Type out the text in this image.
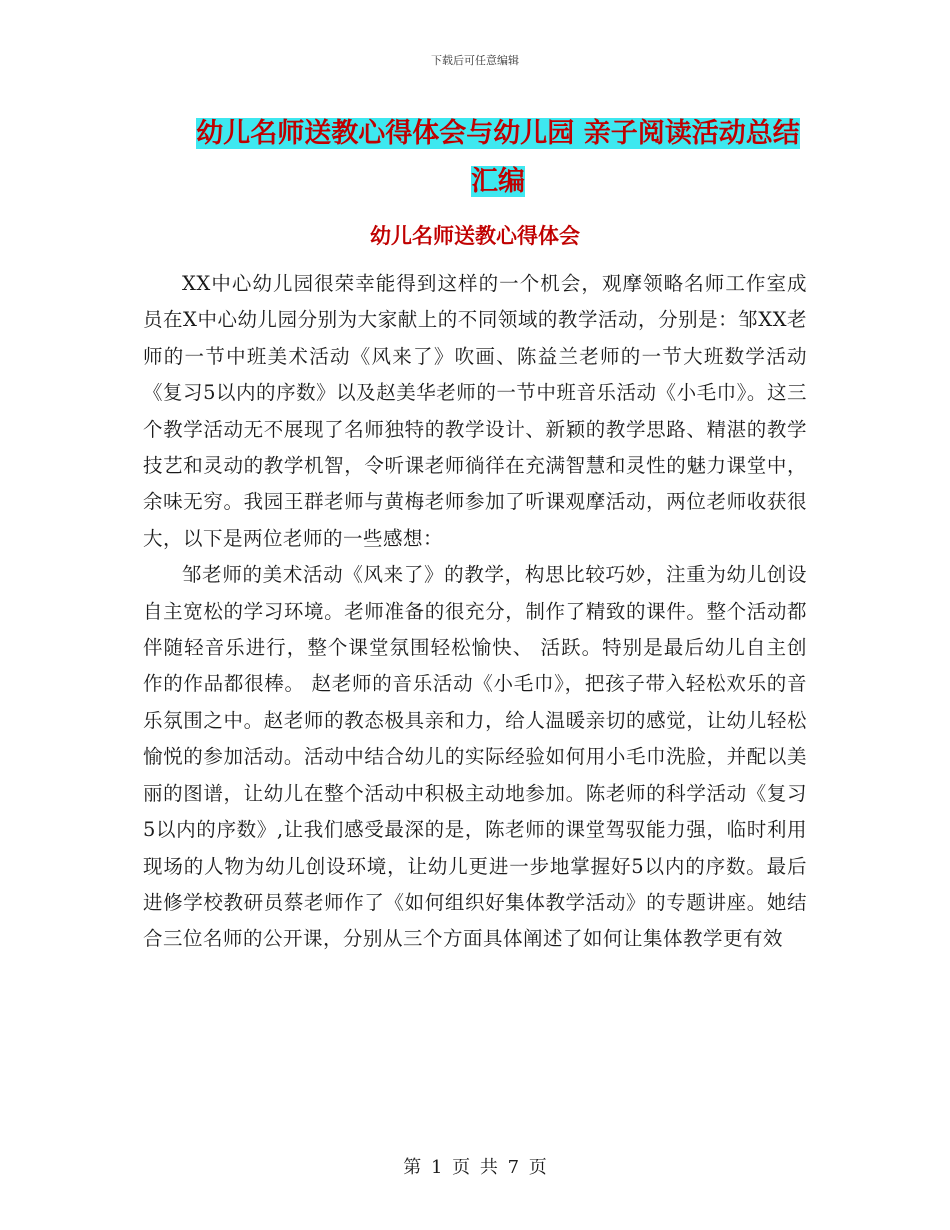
下载后可任意编辑
幼儿名师送教心得体会与幼儿园 亲子阅读活动总结汇编
幼儿名师送教心得体会

XX中心幼儿园很荣幸能得到这样的一个机会，观摩领略名师工作室成员在X中心幼儿园分别为大家献上的不同领域的教学活动，分别是：邹XX老师的一节中班美术活动《风来了》吹画、陈益兰老师的一节大班数学活动《复习5以内的序数》以及赵美华老师的一节中班音乐活动《小毛巾》。这三个教学活动无不展现了名师独特的教学设计、新颖的教学思路、精湛的教学技艺和灵动的教学机智，令听课老师徜徉在充满智慧和灵性的魅力课堂中，余味无穷。我园王群老师与黄梅老师参加了听课观摩活动，两位老师收获很大，以下是两位老师的一些感想：

邹老师的美术活动《风来了》的教学，构思比较巧妙，注重为幼儿创设自主宽松的学习环境。老师准备的很充分，制作了精致的课件。整个活动都伴随轻音乐进行，整个课堂氛围轻松愉快、 活跃。特别是最后幼儿自主创作的作品都很棒。 赵老师的音乐活动《小毛巾》，把孩子带入轻松欢乐的音乐氛围之中。赵老师的教态极具亲和力，给人温暖亲切的感觉，让幼儿轻松愉悦的参加活动。活动中结合幼儿的实际经验如何用小毛巾洗脸，并配以美丽的图谱，让幼儿在整个活动中积极主动地参加。陈老师的科学活动《复习5以内的序数》,让我们感受最深的是，陈老师的课堂驾驭能力强，临时利用现场的人物为幼儿创设环境，让幼儿更进一步地掌握好5以内的序数。最后进修学校教研员蔡老师作了《如何组织好集体教学活动》的专题讲座。她结合三位名师的公开课，分别从三个方面具体阐述了如何让集体教学更有效

第 1 页 共 7 页
